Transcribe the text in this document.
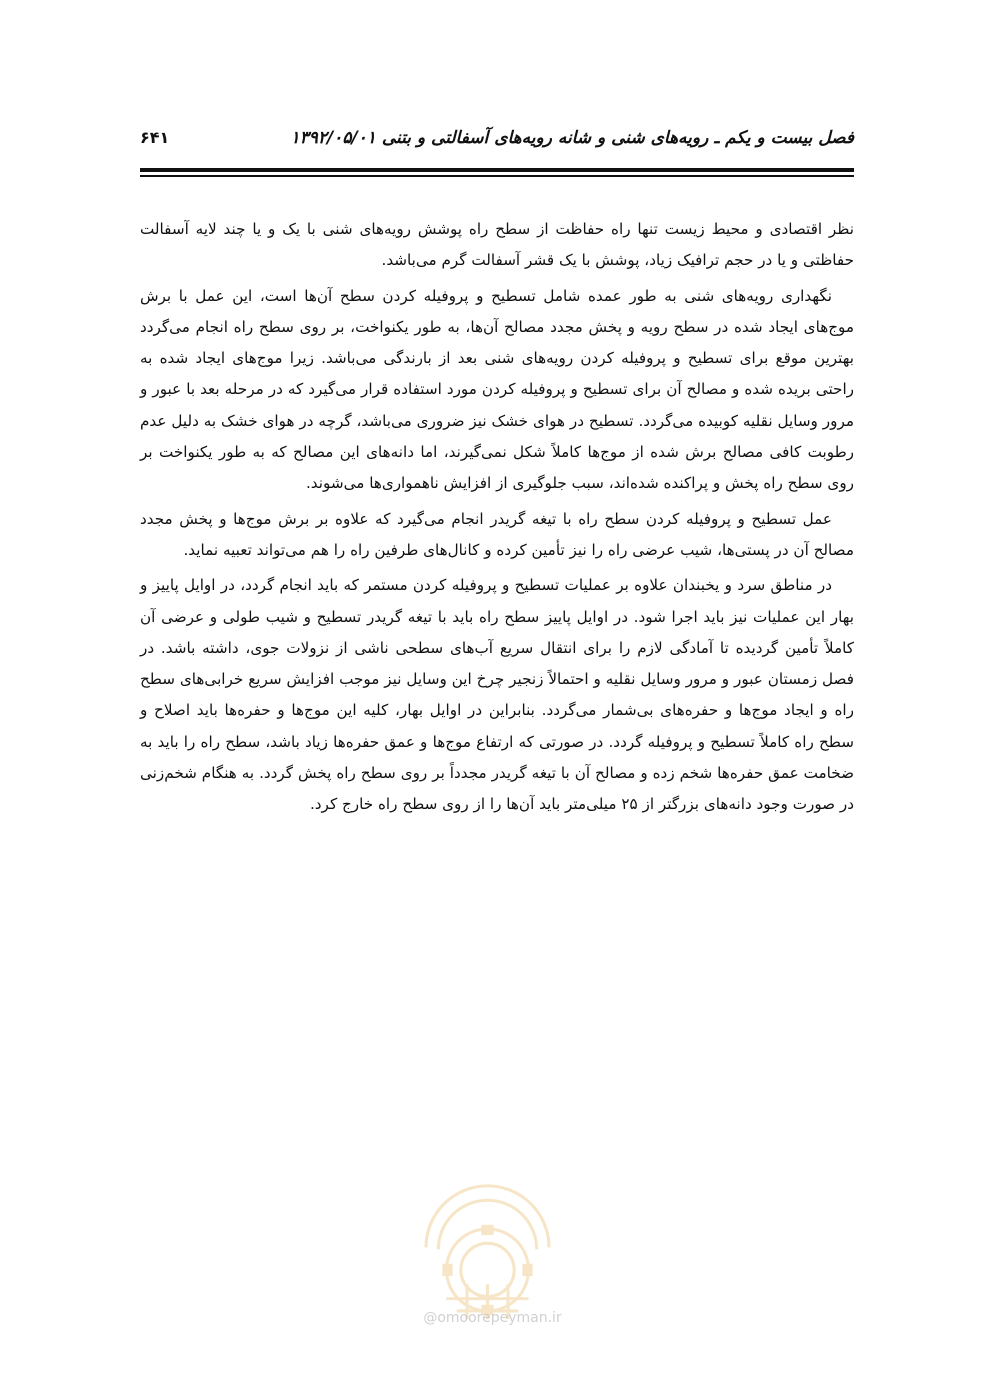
فصل بیست و یکم ـ رویه‌های شنی و شانه رویه‌های آسفالتی و بتنی ۱۳۹۲/۰۵/۰۱
۶۴۱

نظر اقتصادی و محیط زیست تنها راه حفاظت از سطح راه پوشش رویه‌های شنی با یک و یا چند لایه آسفالت حفاظتی و یا در حجم ترافیک زیاد، پوشش با یک قشر آسفالت گرم می‌باشد.

نگهداری رویه‌های شنی به طور عمده شامل تسطیح و پروفیله کردن سطح آن‌ها است، این عمل با برش موج‌های ایجاد شده در سطح رویه و پخش مجدد مصالح آن‌ها، به طور یکنواخت، بر روی سطح راه انجام می‌گردد بهترین موقع برای تسطیح و پروفیله کردن رویه‌های شنی بعد از بارندگی می‌باشد. زیرا موج‌های ایجاد شده به راحتی بریده شده و مصالح آن برای تسطیح و پروفیله کردن مورد استفاده قرار می‌گیرد که در مرحله بعد با عبور و مرور وسایل نقلیه کوبیده می‌گردد. تسطیح در هوای خشک نیز ضروری می‌باشد، گرچه در هوای خشک به دلیل عدم رطوبت کافی مصالح برش شده از موج‌ها کاملاً شکل نمی‌گیرند، اما دانه‌های این مصالح که به طور یکنواخت بر روی سطح راه پخش و پراکنده شده‌اند، سبب جلوگیری از افزایش ناهمواری‌ها می‌شوند.

عمل تسطیح و پروفیله کردن سطح راه با تیغه گریدر انجام می‌گیرد که علاوه بر برش موج‌ها و پخش مجدد مصالح آن در پستی‌ها، شیب عرضی راه را نیز تأمین کرده و کانال‌های طرفین راه را هم می‌تواند تعبیه نماید.

در مناطق سرد و یخبندان علاوه بر عملیات تسطیح و پروفیله کردن مستمر که باید انجام گردد، در اوایل پاییز و بهار این عملیات نیز باید اجرا شود. در اوایل پاییز سطح راه باید با تیغه گریدر تسطیح و شیب طولی و عرضی آن کاملاً تأمین گردیده تا آمادگی لازم را برای انتقال سریع آب‌های سطحی ناشی از نزولات جوی، داشته باشد. در فصل زمستان عبور و مرور وسایل نقلیه و احتمالاً زنجیر چرخ این وسایل نیز موجب افزایش سریع خرابی‌های سطح راه و ایجاد موج‌ها و حفره‌های بی‌شمار می‌گردد. بنابراین در اوایل بهار، کلیه این موج‌ها و حفره‌ها باید اصلاح و سطح راه کاملاً تسطیح و پروفیله گردد. در صورتی که ارتفاع موج‌ها و عمق حفره‌ها زیاد باشد، سطح راه را باید به ضخامت عمق حفره‌ها شخم زده و مصالح آن با تیغه گریدر مجدداً بر روی سطح راه پخش گردد. به هنگام شخم‌زنی در صورت وجود دانه‌های بزرگتر از ۲۵ میلی‌متر باید آن‌ها را از روی سطح راه خارج کرد.

@omoorepeyman.ir
